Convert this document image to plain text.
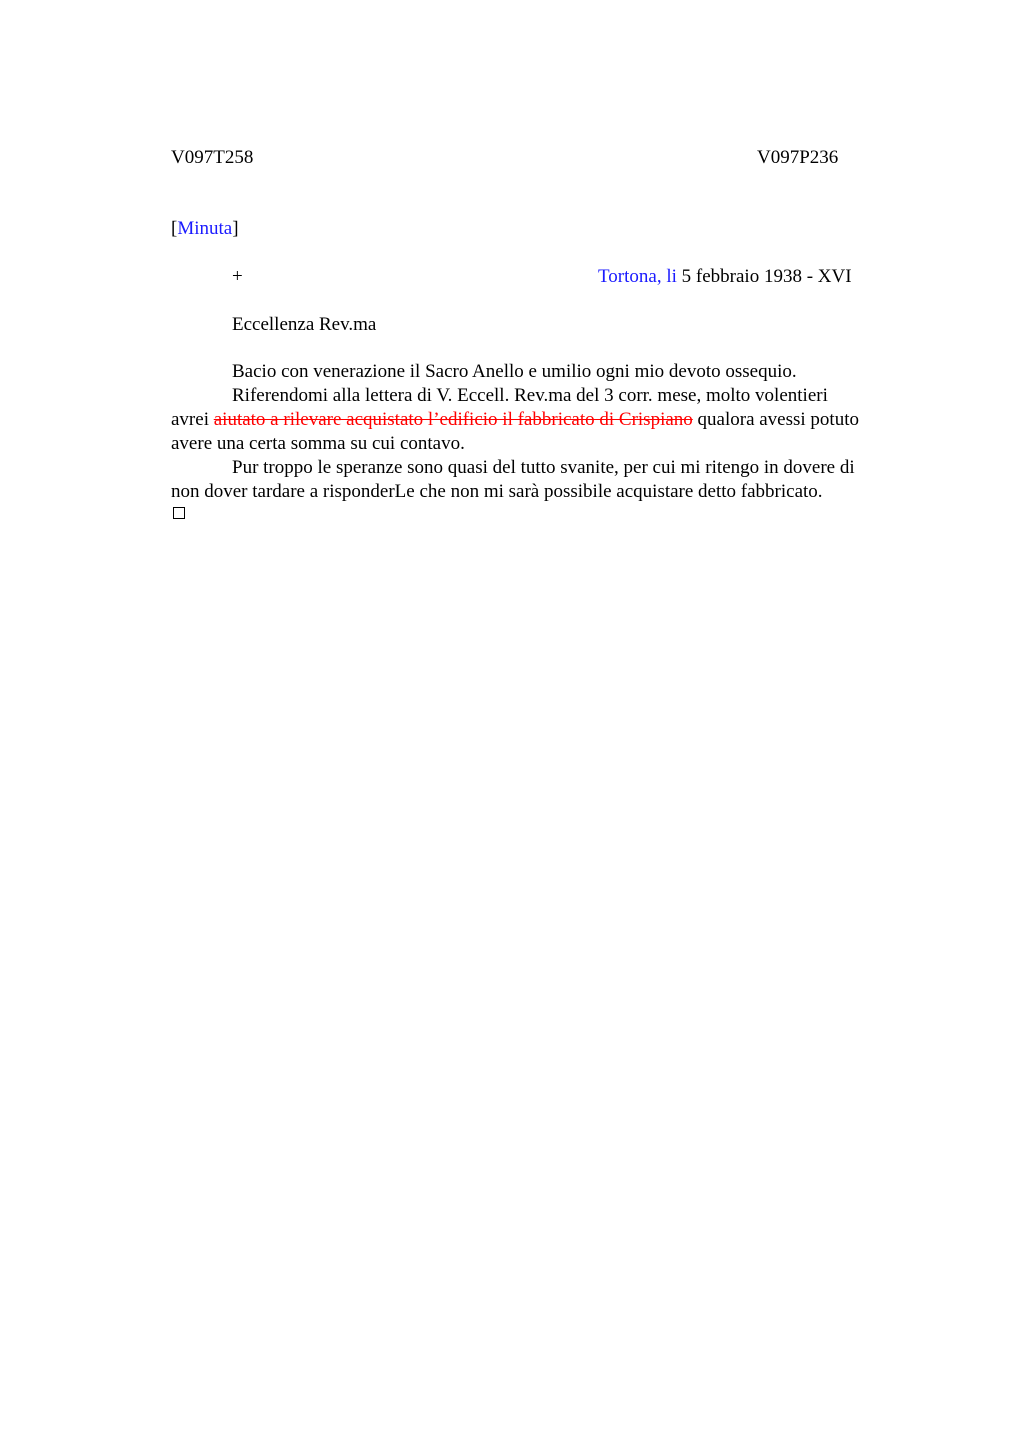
V097T258	V097P236
[Minuta]
+	Tortona, li 5 febbraio 1938 - XVI
Eccellenza Rev.ma
Bacio con venerazione il Sacro Anello e umilio ogni mio devoto ossequio.
Riferendomi alla lettera di V. Eccell. Rev.ma del 3 corr. mese, molto volentieri
avrei aiutato a rilevare acquistato l’edificio il fabbricato di Crispiano qualora avessi potuto
avere una certa somma su cui contavo.
Pur troppo le speranze sono quasi del tutto svanite, per cui mi ritengo in dovere di
non dover tardare a risponderLe che non mi sarà possibile acquistare detto fabbricato.
